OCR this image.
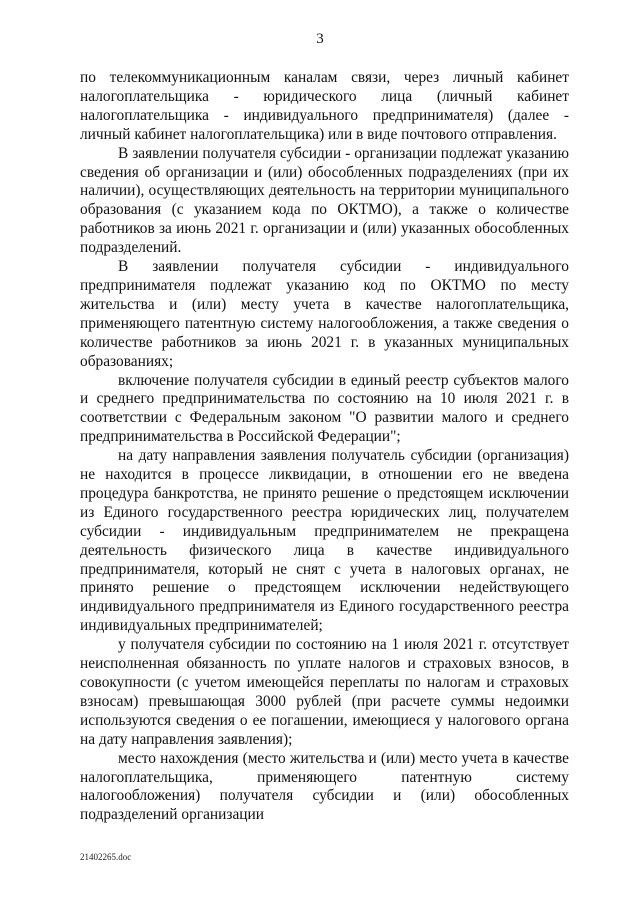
3

по телекоммуникационным каналам связи, через личный кабинет налогоплательщика - юридического лица (личный кабинет налогоплательщика - индивидуального предпринимателя) (далее - личный кабинет налогоплательщика) или в виде почтового отправления.

В заявлении получателя субсидии - организации подлежат указанию сведения об организации и (или) обособленных подразделениях (при их наличии), осуществляющих деятельность на территории муниципального образования (с указанием кода по ОКТМО), а также о количестве работников за июнь 2021 г. организации и (или) указанных обособленных подразделений.

В заявлении получателя субсидии - индивидуального предпринимателя подлежат указанию код по ОКТМО по месту жительства и (или) месту учета в качестве налогоплательщика, применяющего патентную систему налогообложения, а также сведения о количестве работников за июнь 2021 г. в указанных муниципальных образованиях;

включение получателя субсидии в единый реестр субъектов малого и среднего предпринимательства по состоянию на 10 июля 2021 г. в соответствии с Федеральным законом "О развитии малого и среднего предпринимательства в Российской Федерации";

на дату направления заявления получатель субсидии (организация) не находится в процессе ликвидации, в отношении его не введена процедура банкротства, не принято решение о предстоящем исключении из Единого государственного реестра юридических лиц, получателем субсидии - индивидуальным предпринимателем не прекращена деятельность физического лица в качестве индивидуального предпринимателя, который не снят с учета в налоговых органах, не принято решение о предстоящем исключении недействующего индивидуального предпринимателя из Единого государственного реестра индивидуальных предпринимателей;

у получателя субсидии по состоянию на 1 июля 2021 г. отсутствует неисполненная обязанность по уплате налогов и страховых взносов, в совокупности (с учетом имеющейся переплаты по налогам и страховых взносам) превышающая 3000 рублей (при расчете суммы недоимки используются сведения о ее погашении, имеющиеся у налогового органа на дату направления заявления);

место нахождения (место жительства и (или) место учета в качестве налогоплательщика, применяющего патентную систему налогообложения) получателя субсидии и (или) обособленных подразделений организации

21402265.doc
